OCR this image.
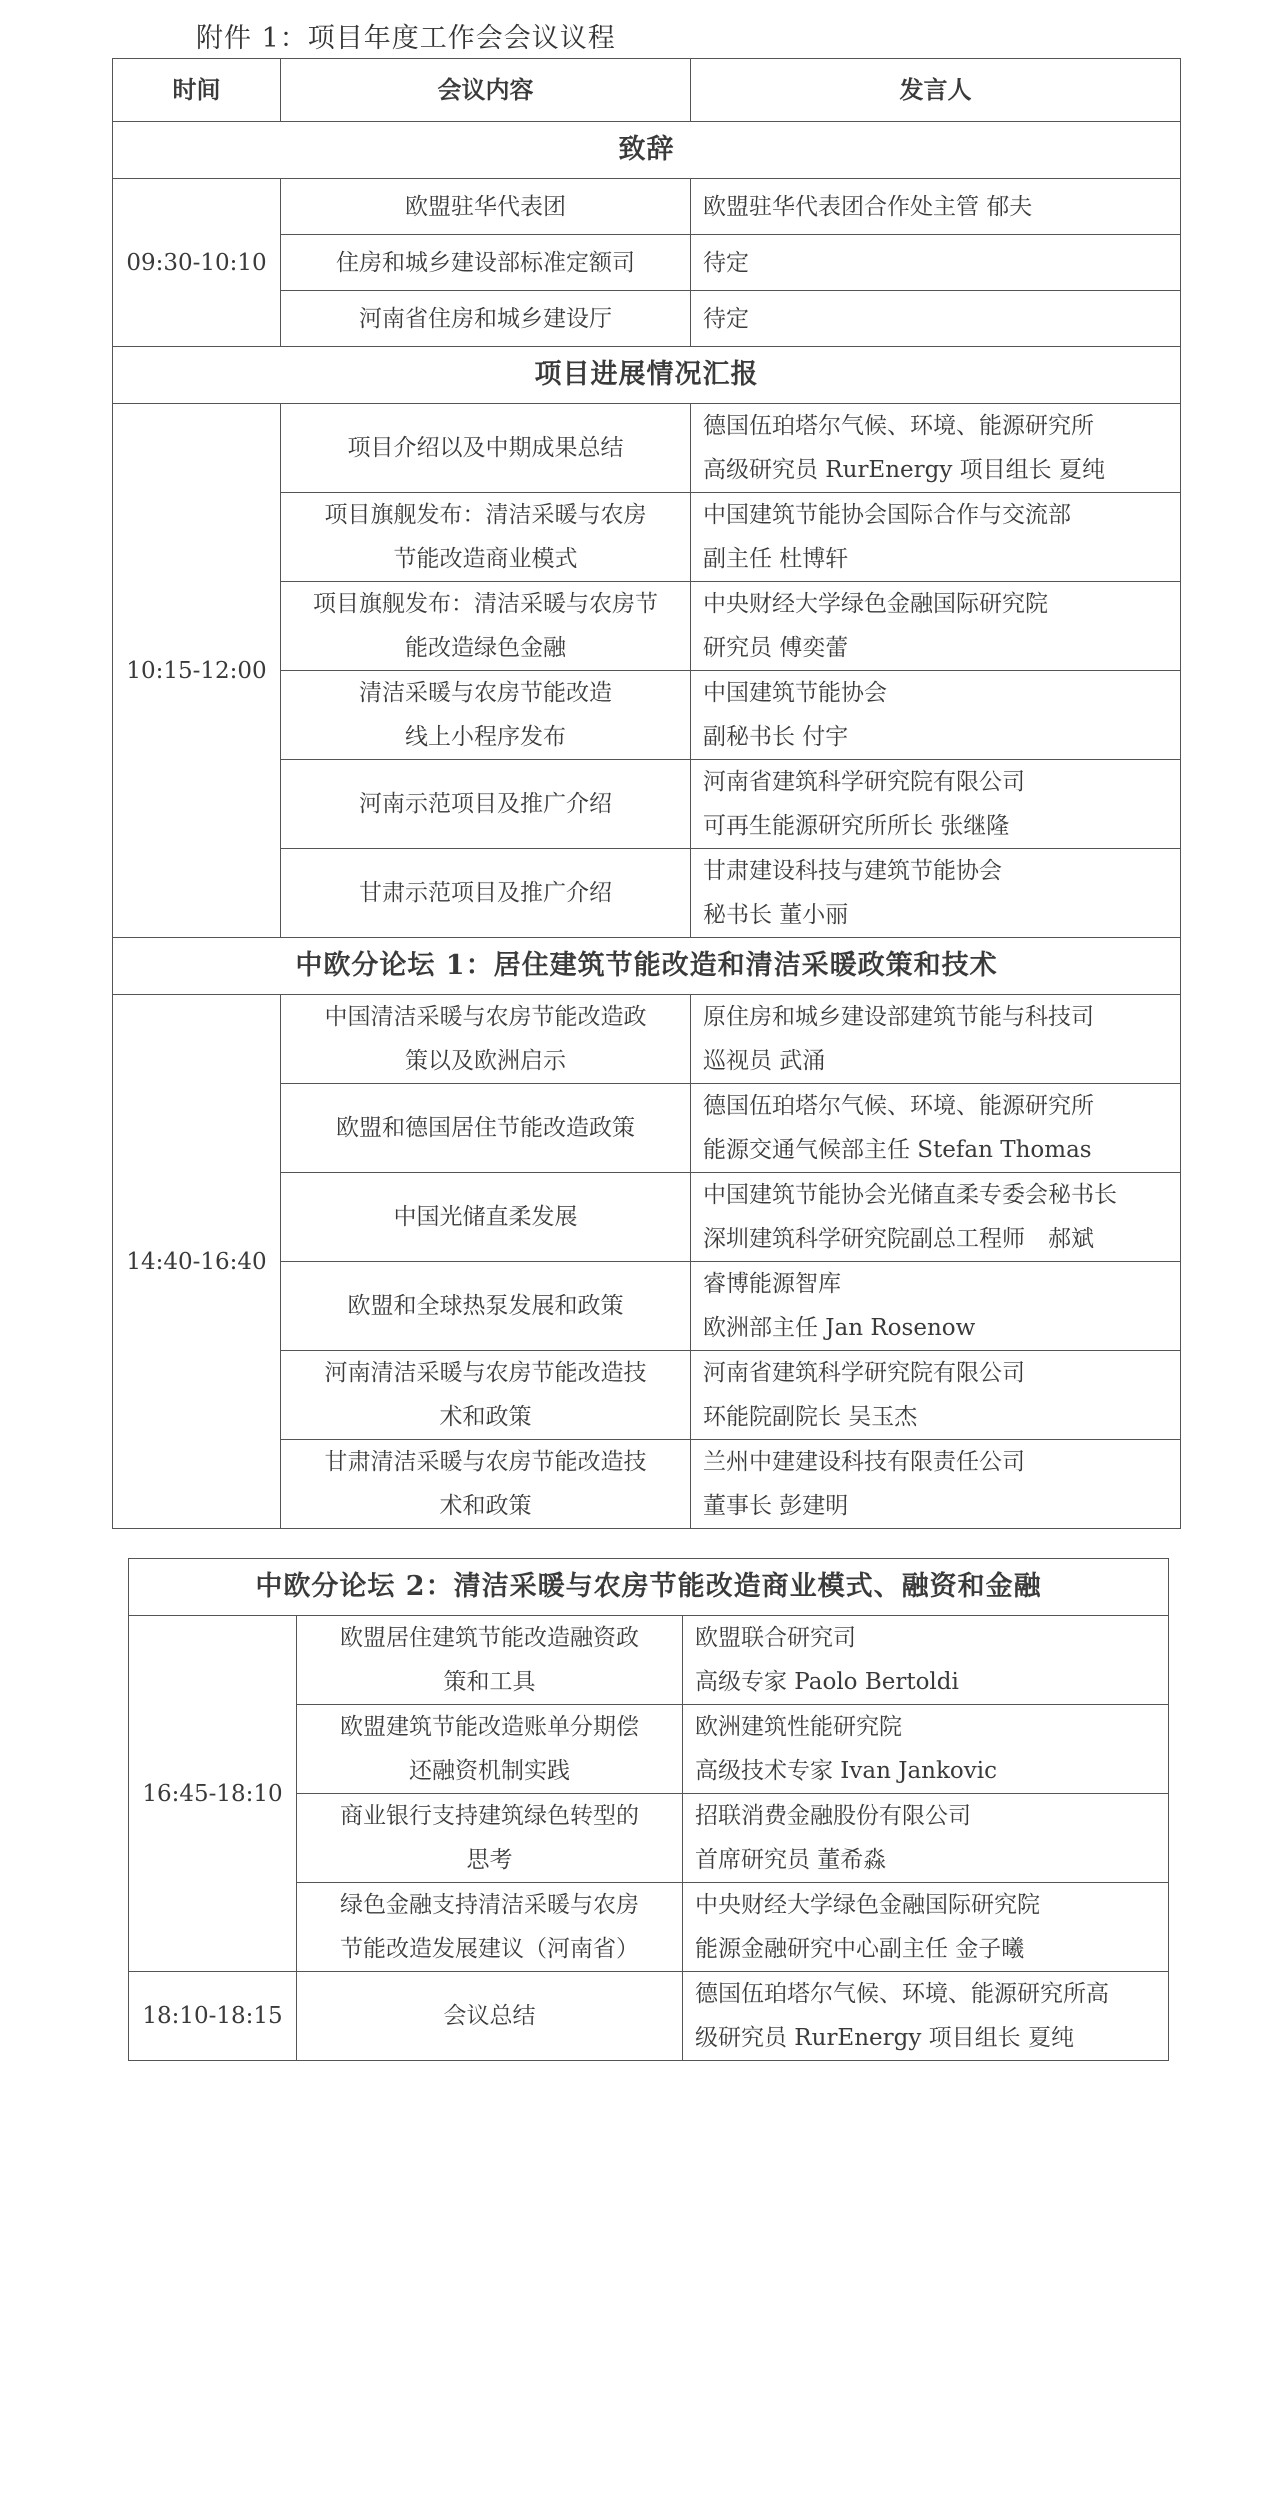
附件 1：项目年度工作会会议议程
时间	会议内容	发言人
致辞		
09:30-10:10	欧盟驻华代表团	欧盟驻华代表团合作处主管 郁夫

	住房和城乡建设部标准定额司	待定

	河南省住房和城乡建设厅	待定

项目进展情况汇报		
10:15-12:00	项目介绍以及中期成果总结	德国伍珀塔尔气候、环境、能源研究所
高级研究员 RurEnergy 项目组长 夏纯

	项目旗舰发布：清洁采暖与农房
节能改造商业模式	中国建筑节能协会国际合作与交流部
副主任 杜博轩

	项目旗舰发布：清洁采暖与农房节
能改造绿色金融	中央财经大学绿色金融国际研究院
研究员 傅奕蕾

	清洁采暖与农房节能改造
线上小程序发布	中国建筑节能协会
副秘书长 付宇

	河南示范项目及推广介绍	河南省建筑科学研究院有限公司
可再生能源研究所所长 张继隆

	甘肃示范项目及推广介绍	甘肃建设科技与建筑节能协会
秘书长 董小丽

中欧分论坛 1：居住建筑节能改造和清洁采暖政策和技术		
14:40-16:40	中国清洁采暖与农房节能改造政
策以及欧洲启示	原住房和城乡建设部建筑节能与科技司
巡视员 武涌

	欧盟和德国居住节能改造政策	德国伍珀塔尔气候、环境、能源研究所
能源交通气候部主任 Stefan Thomas

	中国光储直柔发展	中国建筑节能协会光储直柔专委会秘书长
深圳建筑科学研究院副总工程师　郝斌

	欧盟和全球热泵发展和政策	睿博能源智库
欧洲部主任 Jan Rosenow

	河南清洁采暖与农房节能改造技
术和政策	河南省建筑科学研究院有限公司
环能院副院长 吴玉杰

	甘肃清洁采暖与农房节能改造技
术和政策	兰州中建建设科技有限责任公司
董事长 彭建明
中欧分论坛 2：清洁采暖与农房节能改造商业模式、融资和金融		
16:45-18:10	欧盟居住建筑节能改造融资政
策和工具	欧盟联合研究司
高级专家 Paolo Bertoldi

	欧盟建筑节能改造账单分期偿
还融资机制实践	欧洲建筑性能研究院
高级技术专家 Ivan Jankovic

	商业银行支持建筑绿色转型的
思考	招联消费金融股份有限公司
首席研究员 董希淼

	绿色金融支持清洁采暖与农房
节能改造发展建议（河南省）	中央财经大学绿色金融国际研究院
能源金融研究中心副主任 金子曦

18:10-18:15	会议总结	德国伍珀塔尔气候、环境、能源研究所高
级研究员 RurEnergy 项目组长 夏纯
